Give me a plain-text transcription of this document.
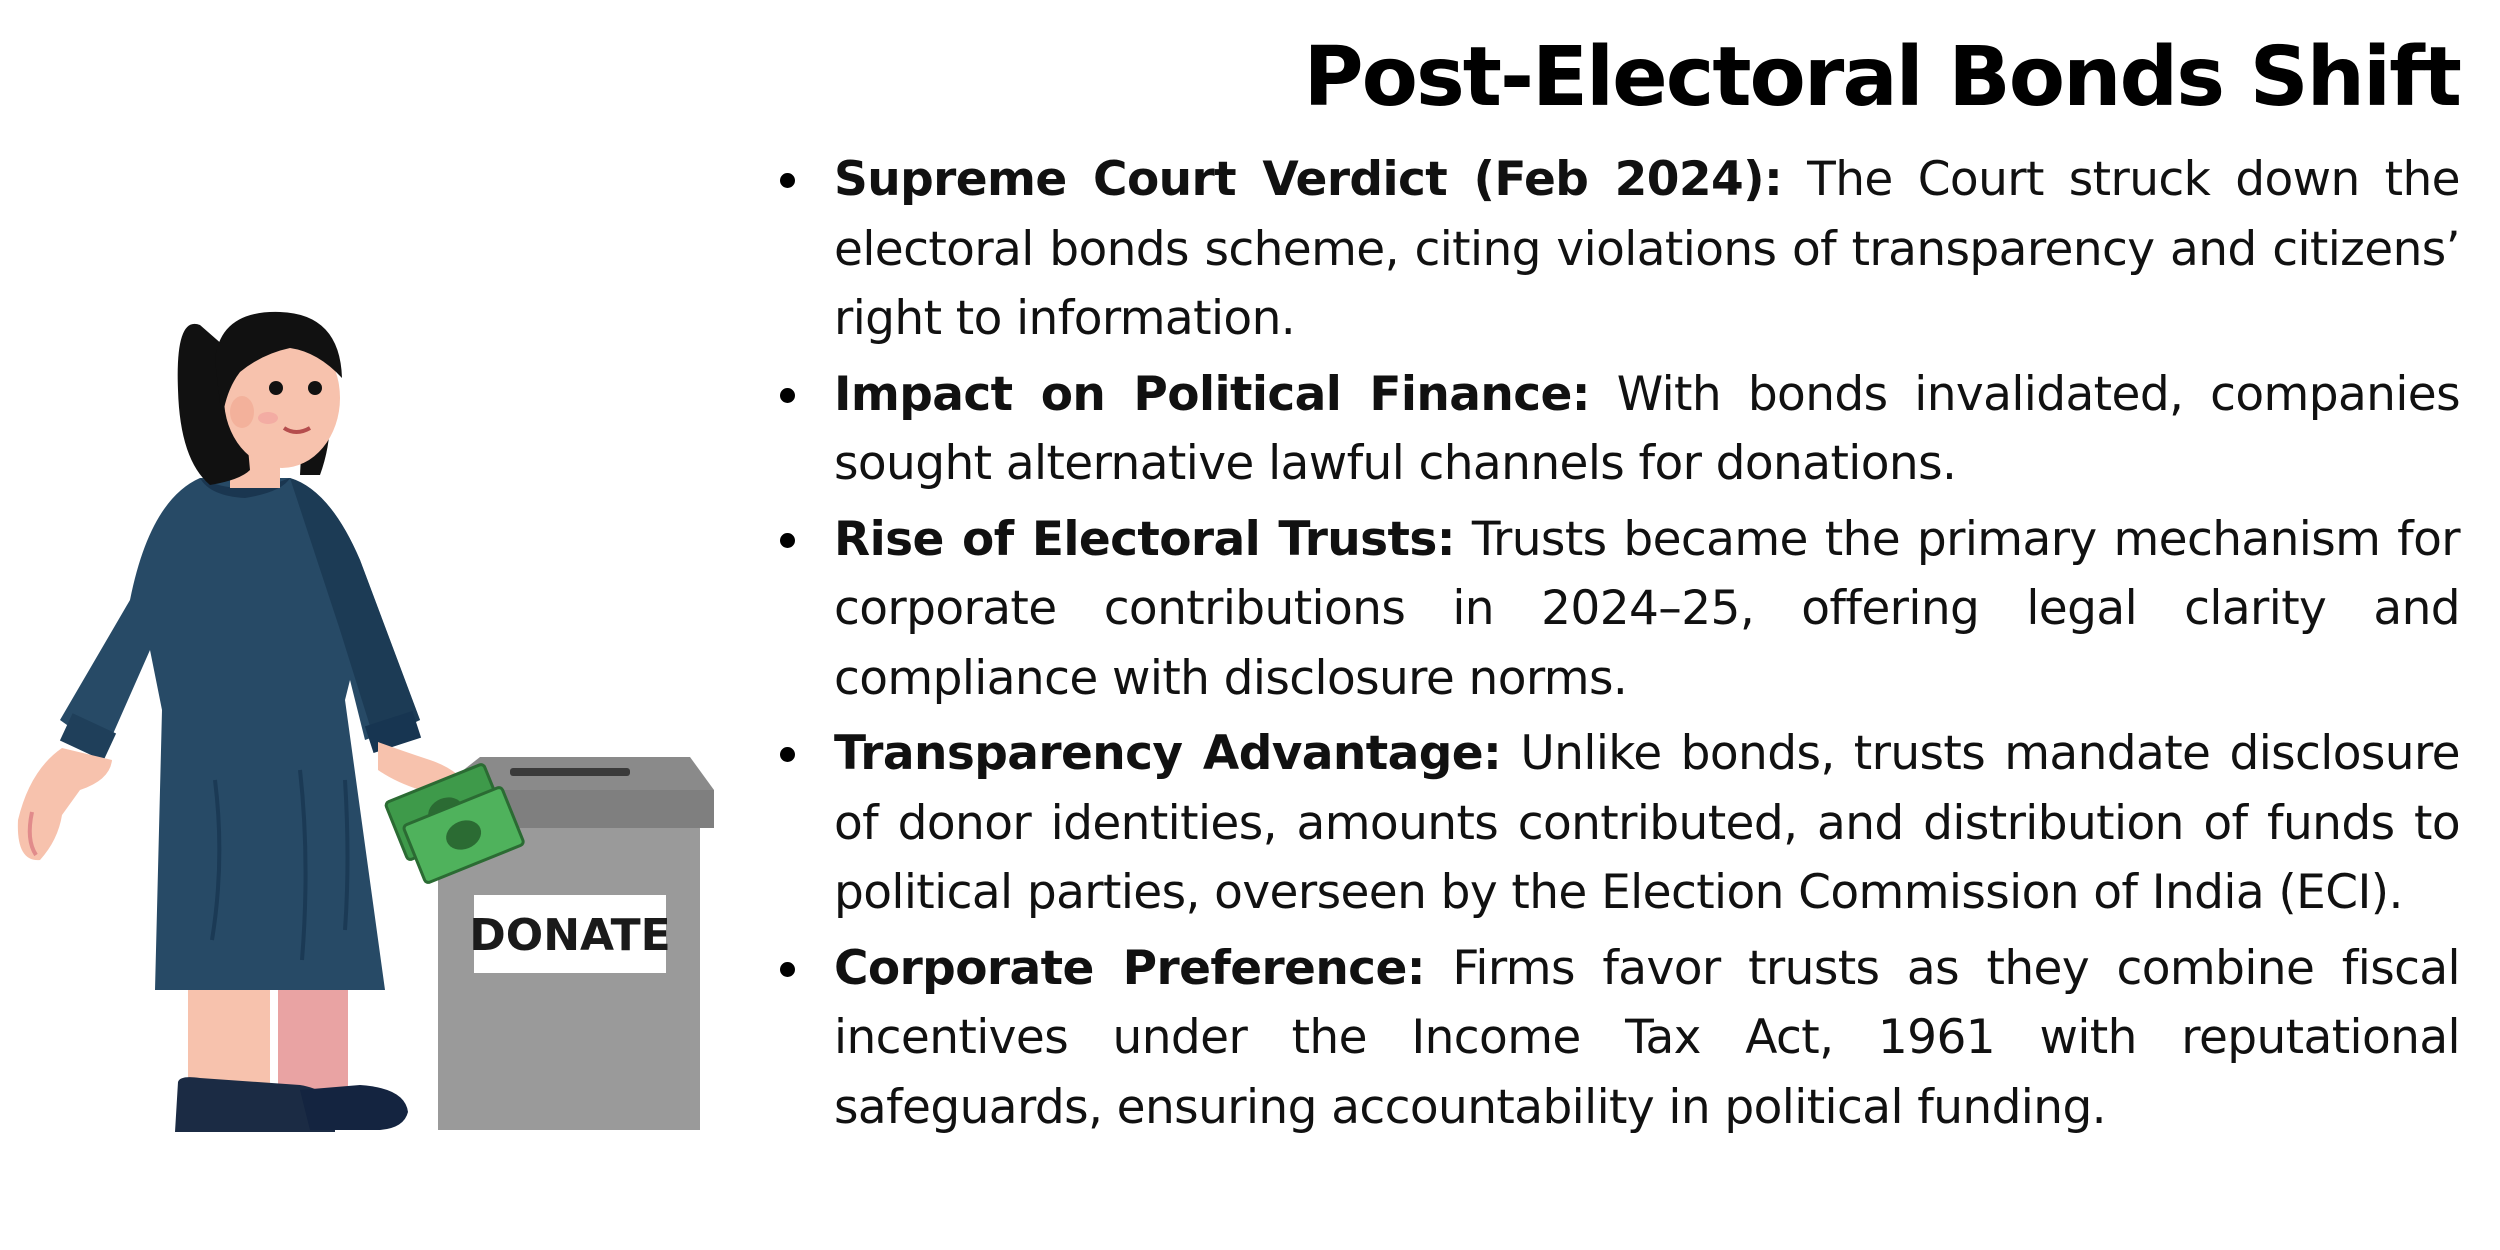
DONATE
Post-Electoral Bonds Shift
Supreme Court Verdict (Feb 2024): The Court struck down the electoral bonds scheme, citing violations of transparency and citizens’ right to information.
Impact on Political Finance: With bonds invalidated, companies sought alternative lawful channels for donations.
Rise of Electoral Trusts: Trusts became the primary mechanism for corporate contributions in 2024–25, offering legal clarity and compliance with disclosure norms.
Transparency Advantage: Unlike bonds, trusts mandate disclosure of donor identities, amounts contributed, and distribution of funds to political parties, overseen by the Election Commission of India (ECI).
Corporate Preference: Firms favor trusts as they combine fiscal incentives under the Income Tax Act, 1961 with reputational safeguards, ensuring accountability in political funding.
